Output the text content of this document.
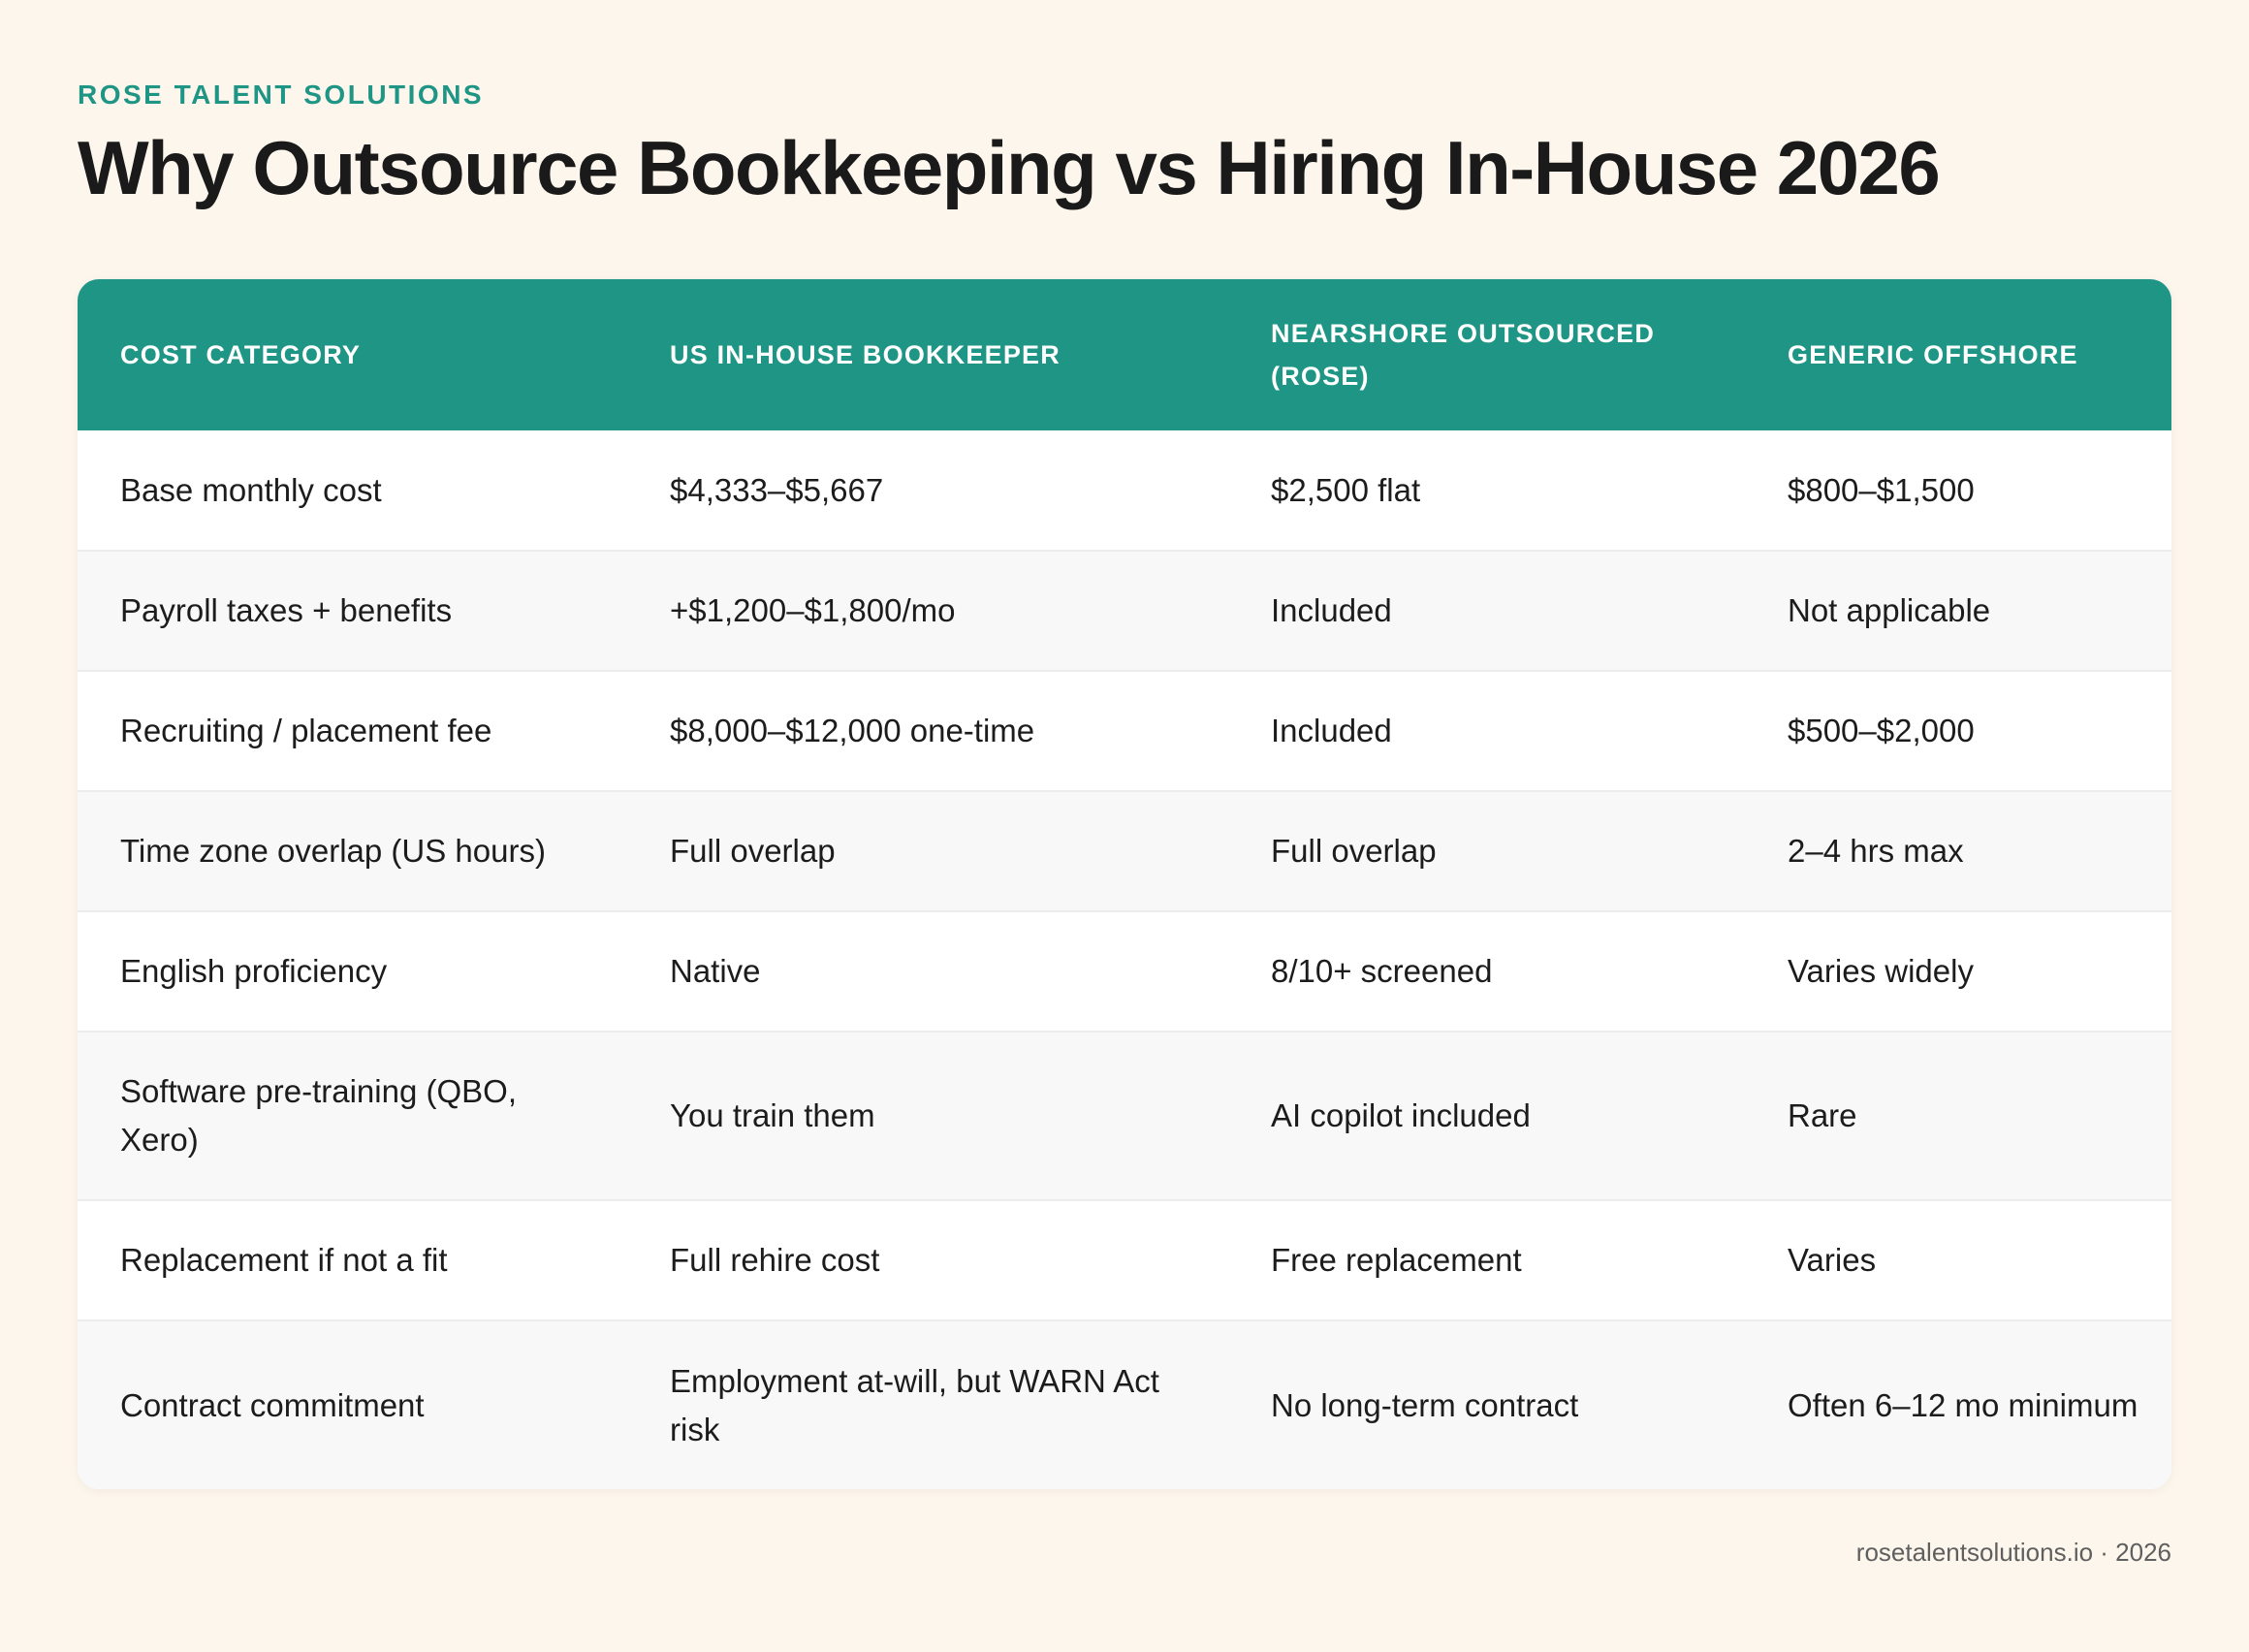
ROSE TALENT SOLUTIONS
Why Outsource Bookkeeping vs Hiring In-House 2026
COST CATEGORY	US IN-HOUSE BOOKKEEPER	NEARSHORE OUTSOURCED (ROSE)	GENERIC OFFSHORE
Base monthly cost	$4,333–$5,667	$2,500 flat	$800–$1,500
Payroll taxes + benefits	+$1,200–$1,800/mo	Included	Not applicable
Recruiting / placement fee	$8,000–$12,000 one-time	Included	$500–$2,000
Time zone overlap (US hours)	Full overlap	Full overlap	2–4 hrs max
English proficiency	Native	8/10+ screened	Varies widely
Software pre-training (QBO, Xero)	You train them	AI copilot included	Rare
Replacement if not a fit	Full rehire cost	Free replacement	Varies
Contract commitment	Employment at-will, but WARN Act risk	No long-term contract	Often 6–12 mo minimum
rosetalentsolutions.io · 2026
